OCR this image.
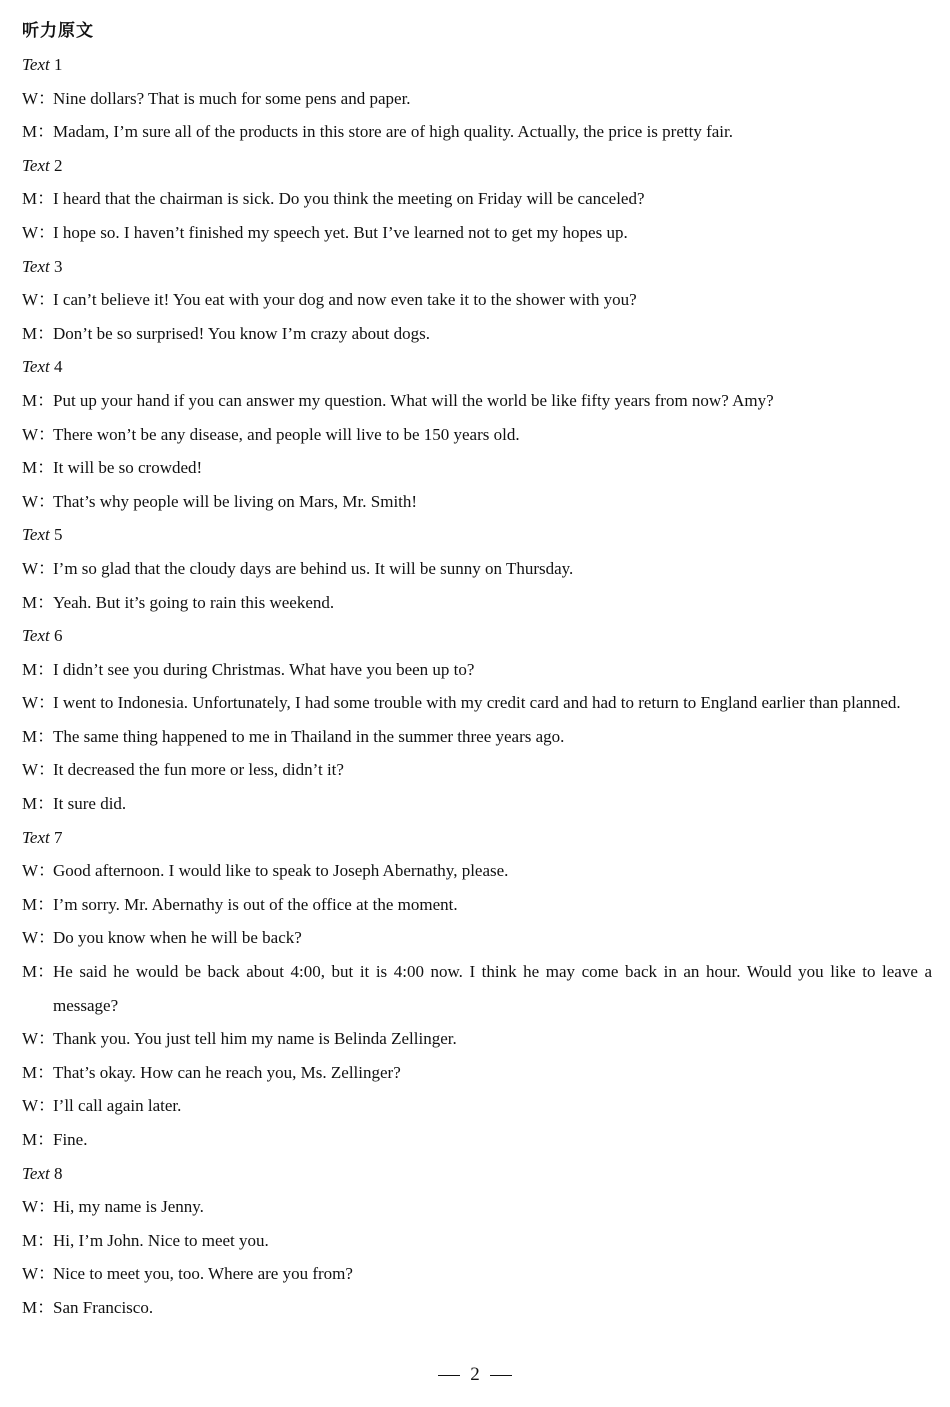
听力原文
Text 1
W：Nine dollars? That is much for some pens and paper.
M：Madam, I’m sure all of the products in this store are of high quality. Actually, the price is pretty fair.
Text 2
M：I heard that the chairman is sick. Do you think the meeting on Friday will be canceled?
W：I hope so. I haven’t finished my speech yet. But I’ve learned not to get my hopes up.
Text 3
W：I can’t believe it! You eat with your dog and now even take it to the shower with you?
M：Don’t be so surprised! You know I’m crazy about dogs.
Text 4
M：Put up your hand if you can answer my question. What will the world be like fifty years from now? Amy?
W：There won’t be any disease, and people will live to be 150 years old.
M：It will be so crowded!
W：That’s why people will be living on Mars, Mr. Smith!
Text 5
W：I’m so glad that the cloudy days are behind us. It will be sunny on Thursday.
M：Yeah. But it’s going to rain this weekend.
Text 6
M：I didn’t see you during Christmas. What have you been up to?
W：I went to Indonesia. Unfortunately, I had some trouble with my credit card and had to return to England earlier than planned.
M：The same thing happened to me in Thailand in the summer three years ago.
W：It decreased the fun more or less, didn’t it?
M：It sure did.
Text 7
W：Good afternoon. I would like to speak to Joseph Abernathy, please.
M：I’m sorry. Mr. Abernathy is out of the office at the moment.
W：Do you know when he will be back?
M：He said he would be back about 4:00, but it is 4:00 now. I think he may come back in an hour. Would you like to leave a message?
W：Thank you. You just tell him my name is Belinda Zellinger.
M：That’s okay. How can he reach you, Ms. Zellinger?
W：I’ll call again later.
M：Fine.
Text 8
W：Hi, my name is Jenny.
M：Hi, I’m John. Nice to meet you.
W：Nice to meet you, too. Where are you from?
M：San Francisco.
2
